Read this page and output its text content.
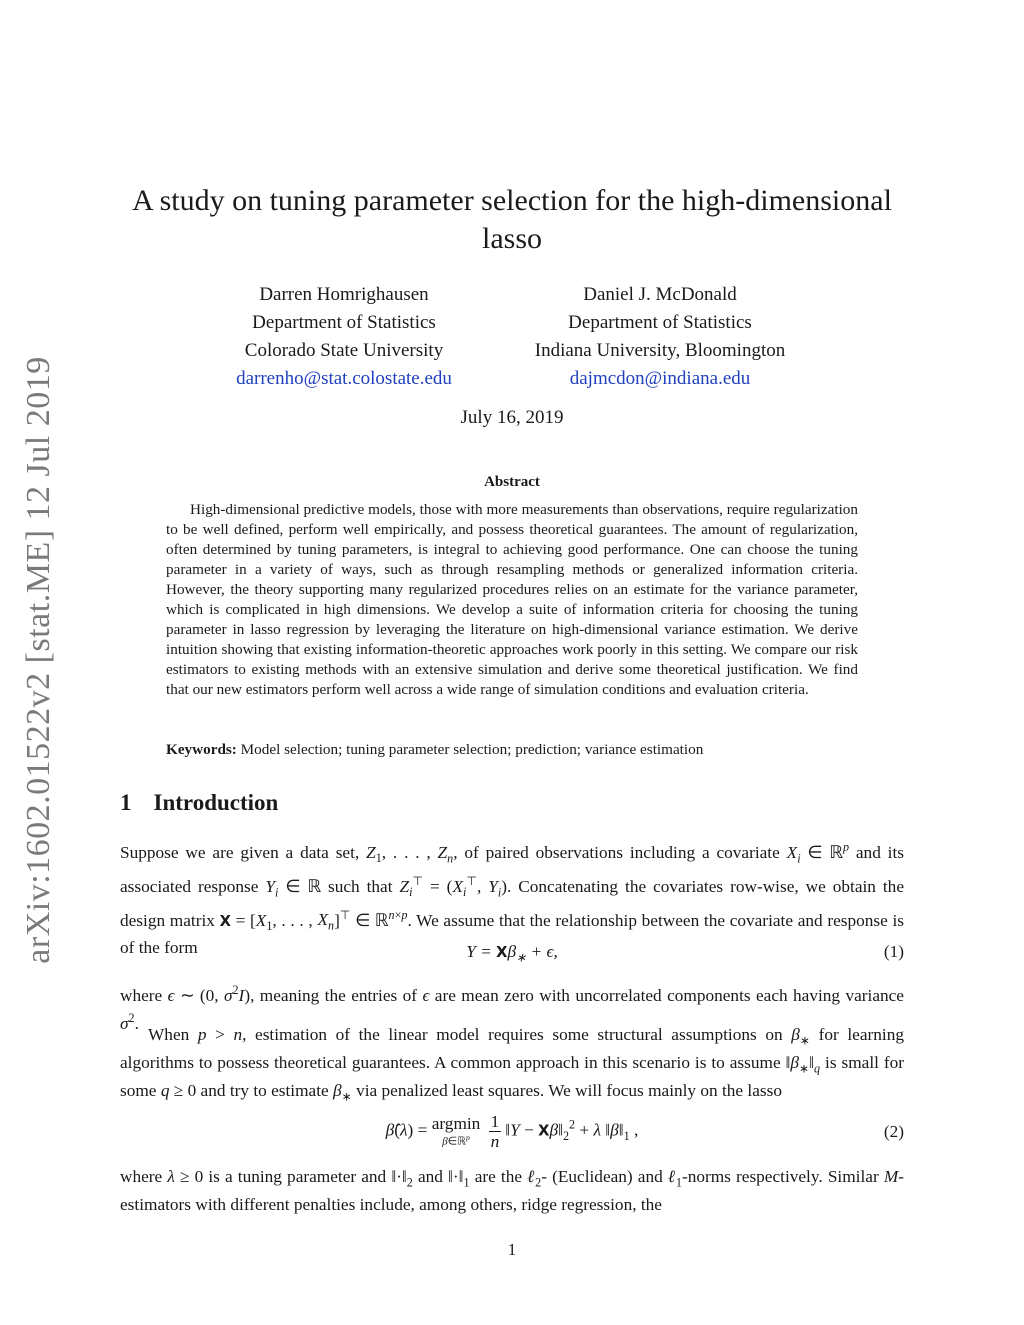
arXiv:1602.01522v2 [stat.ME] 12 Jul 2019
A study on tuning parameter selection for the high-dimensional lasso
Darren Homrighausen
Department of Statistics
Colorado State University
darrenho@stat.colostate.edu
Daniel J. McDonald
Department of Statistics
Indiana University, Bloomington
dajmcdon@indiana.edu
July 16, 2019
Abstract

High-dimensional predictive models, those with more measurements than observations, require regularization to be well defined, perform well empirically, and possess theoretical guarantees. The amount of regularization, often determined by tuning parameters, is integral to achieving good performance. One can choose the tuning parameter in a variety of ways, such as through resampling methods or generalized information criteria. However, the theory supporting many regularized procedures relies on an estimate for the variance parameter, which is complicated in high dimensions. We develop a suite of information criteria for choosing the tuning parameter in lasso regression by leveraging the literature on high-dimensional variance estimation. We derive intuition showing that existing information-theoretic approaches work poorly in this setting. We compare our risk estimators to existing methods with an extensive simulation and derive some theoretical justification. We find that our new estimators perform well across a wide range of simulation conditions and evaluation criteria.

Keywords: Model selection; tuning parameter selection; prediction; variance estimation

1 Introduction

Suppose we are given a data set, $Z_1$, . . . , $Z_n$, of paired observations including a covariate $X_i$ ∈ ℝ$^p$ and its associated response $Y_i$ ∈ ℝ such that $Z_i^⊤ = (X_i^⊤$, $Y_i$). Concatenating the covariates row-wise, we obtain the design matrix $X = [X_1$, . . . , $X_n]^⊤$ ∈ ℝ$^{n\times p}$. We assume that the relationship between the covariate and response is of the form	$Y = X\beta_∗ + \epsilon$,	(1)

where ϵ ∼ (0, $\sigma^2I$), meaning the entries of ϵ are mean zero with uncorrelated components each having variance $\sigma^2$.

When p > n, estimation of the linear model requires some structural assumptions on $\beta_∗$ for learning algorithms to possess theoretical guarantees. A common approach in this scenario is to assume $‖\beta_∗‖_q$ is small for some q ≥ 0 and try to estimate $\beta_∗$ via penalized least squares. We will focus mainly on the lasso

β̂(λ) = argmin
β∈ℝ$^p$
	$\frac{1}{n}$ ‖Y − $X\beta‖_2^2 + \lambda$ $‖\beta‖_1$ ,	(2)

where λ ≥ 0 is a tuning parameter and $‖\cdot‖_2$ and $‖\cdot‖_1$ are the ℓ$_2$- (Euclidean) and ℓ$_1$-norms respectively. Similar M-estimators with different penalties include, among others, ridge regression, the

1
